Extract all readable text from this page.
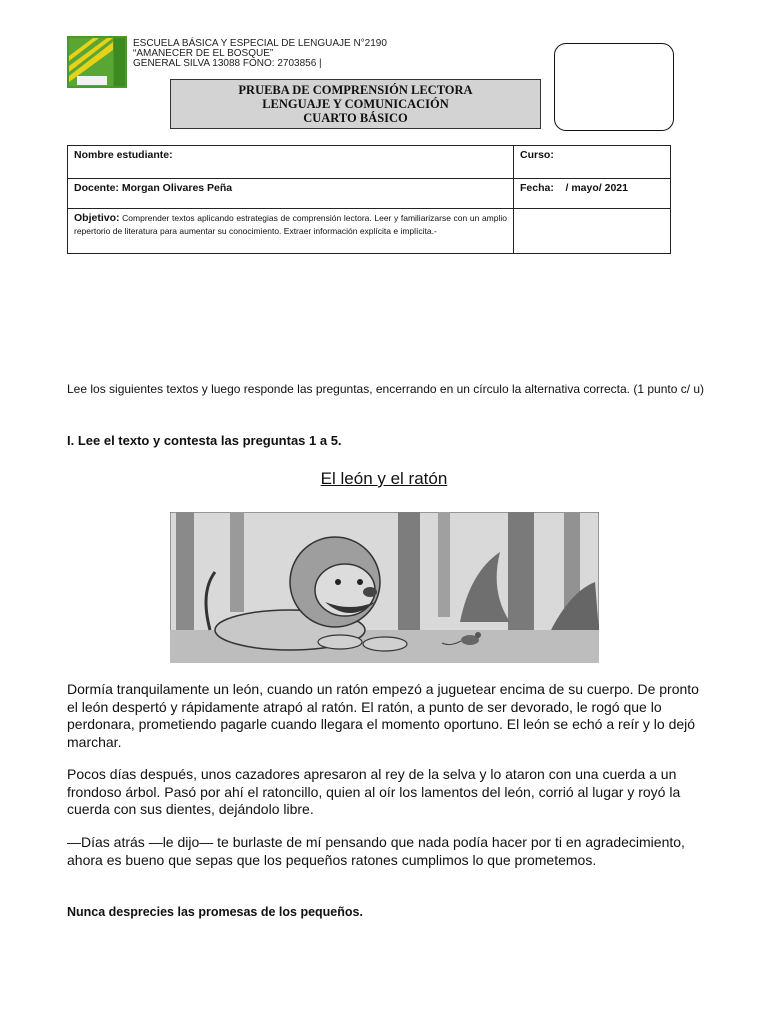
ESCUELA BÁSICA Y ESPECIAL DE LENGUAJE N°2190
“AMANECER DE EL BOSQUE”
GENERAL SILVA 13088 FONO: 2703856 |
PRUEBA DE COMPRENSIÓN LECTORA
LENGUAJE Y COMUNICACIÓN
CUARTO BÁSICO
Nombre estudiante:	Curso:
Docente: Morgan Olivares Peña	Fecha: / mayo/ 2021
Objetivo: Comprender textos aplicando estrategias de comprensión lectora. Leer y familiarizarse con un amplio repertorio de literatura para aumentar su conocimiento. Extraer información explícita e implícita.-	
Lee los siguientes textos y luego responde las preguntas, encerrando en un círculo la alternativa correcta. (1 punto c/ u)
I. Lee el texto y contesta las preguntas 1 a 5.
El león y el ratón
Dormía tranquilamente un león, cuando un ratón empezó a juguetear encima de su cuerpo. De pronto el león despertó y rápidamente atrapó al ratón. El ratón, a punto de ser devorado, le rogó que lo perdonara, prometiendo pagarle cuando llegara el momento oportuno. El león se echó a reír y lo dejó marchar.
Pocos días después, unos cazadores apresaron al rey de la selva y lo ataron con una cuerda a un frondoso árbol. Pasó por ahí el ratoncillo, quien al oír los lamentos del león, corrió al lugar y royó la cuerda con sus dientes, dejándolo libre.
—Días atrás —le dijo— te burlaste de mí pensando que nada podía hacer por ti en agradecimiento, ahora es bueno que sepas que los pequeños ratones cumplimos lo que prometemos.
Nunca desprecies las promesas de los pequeños.
